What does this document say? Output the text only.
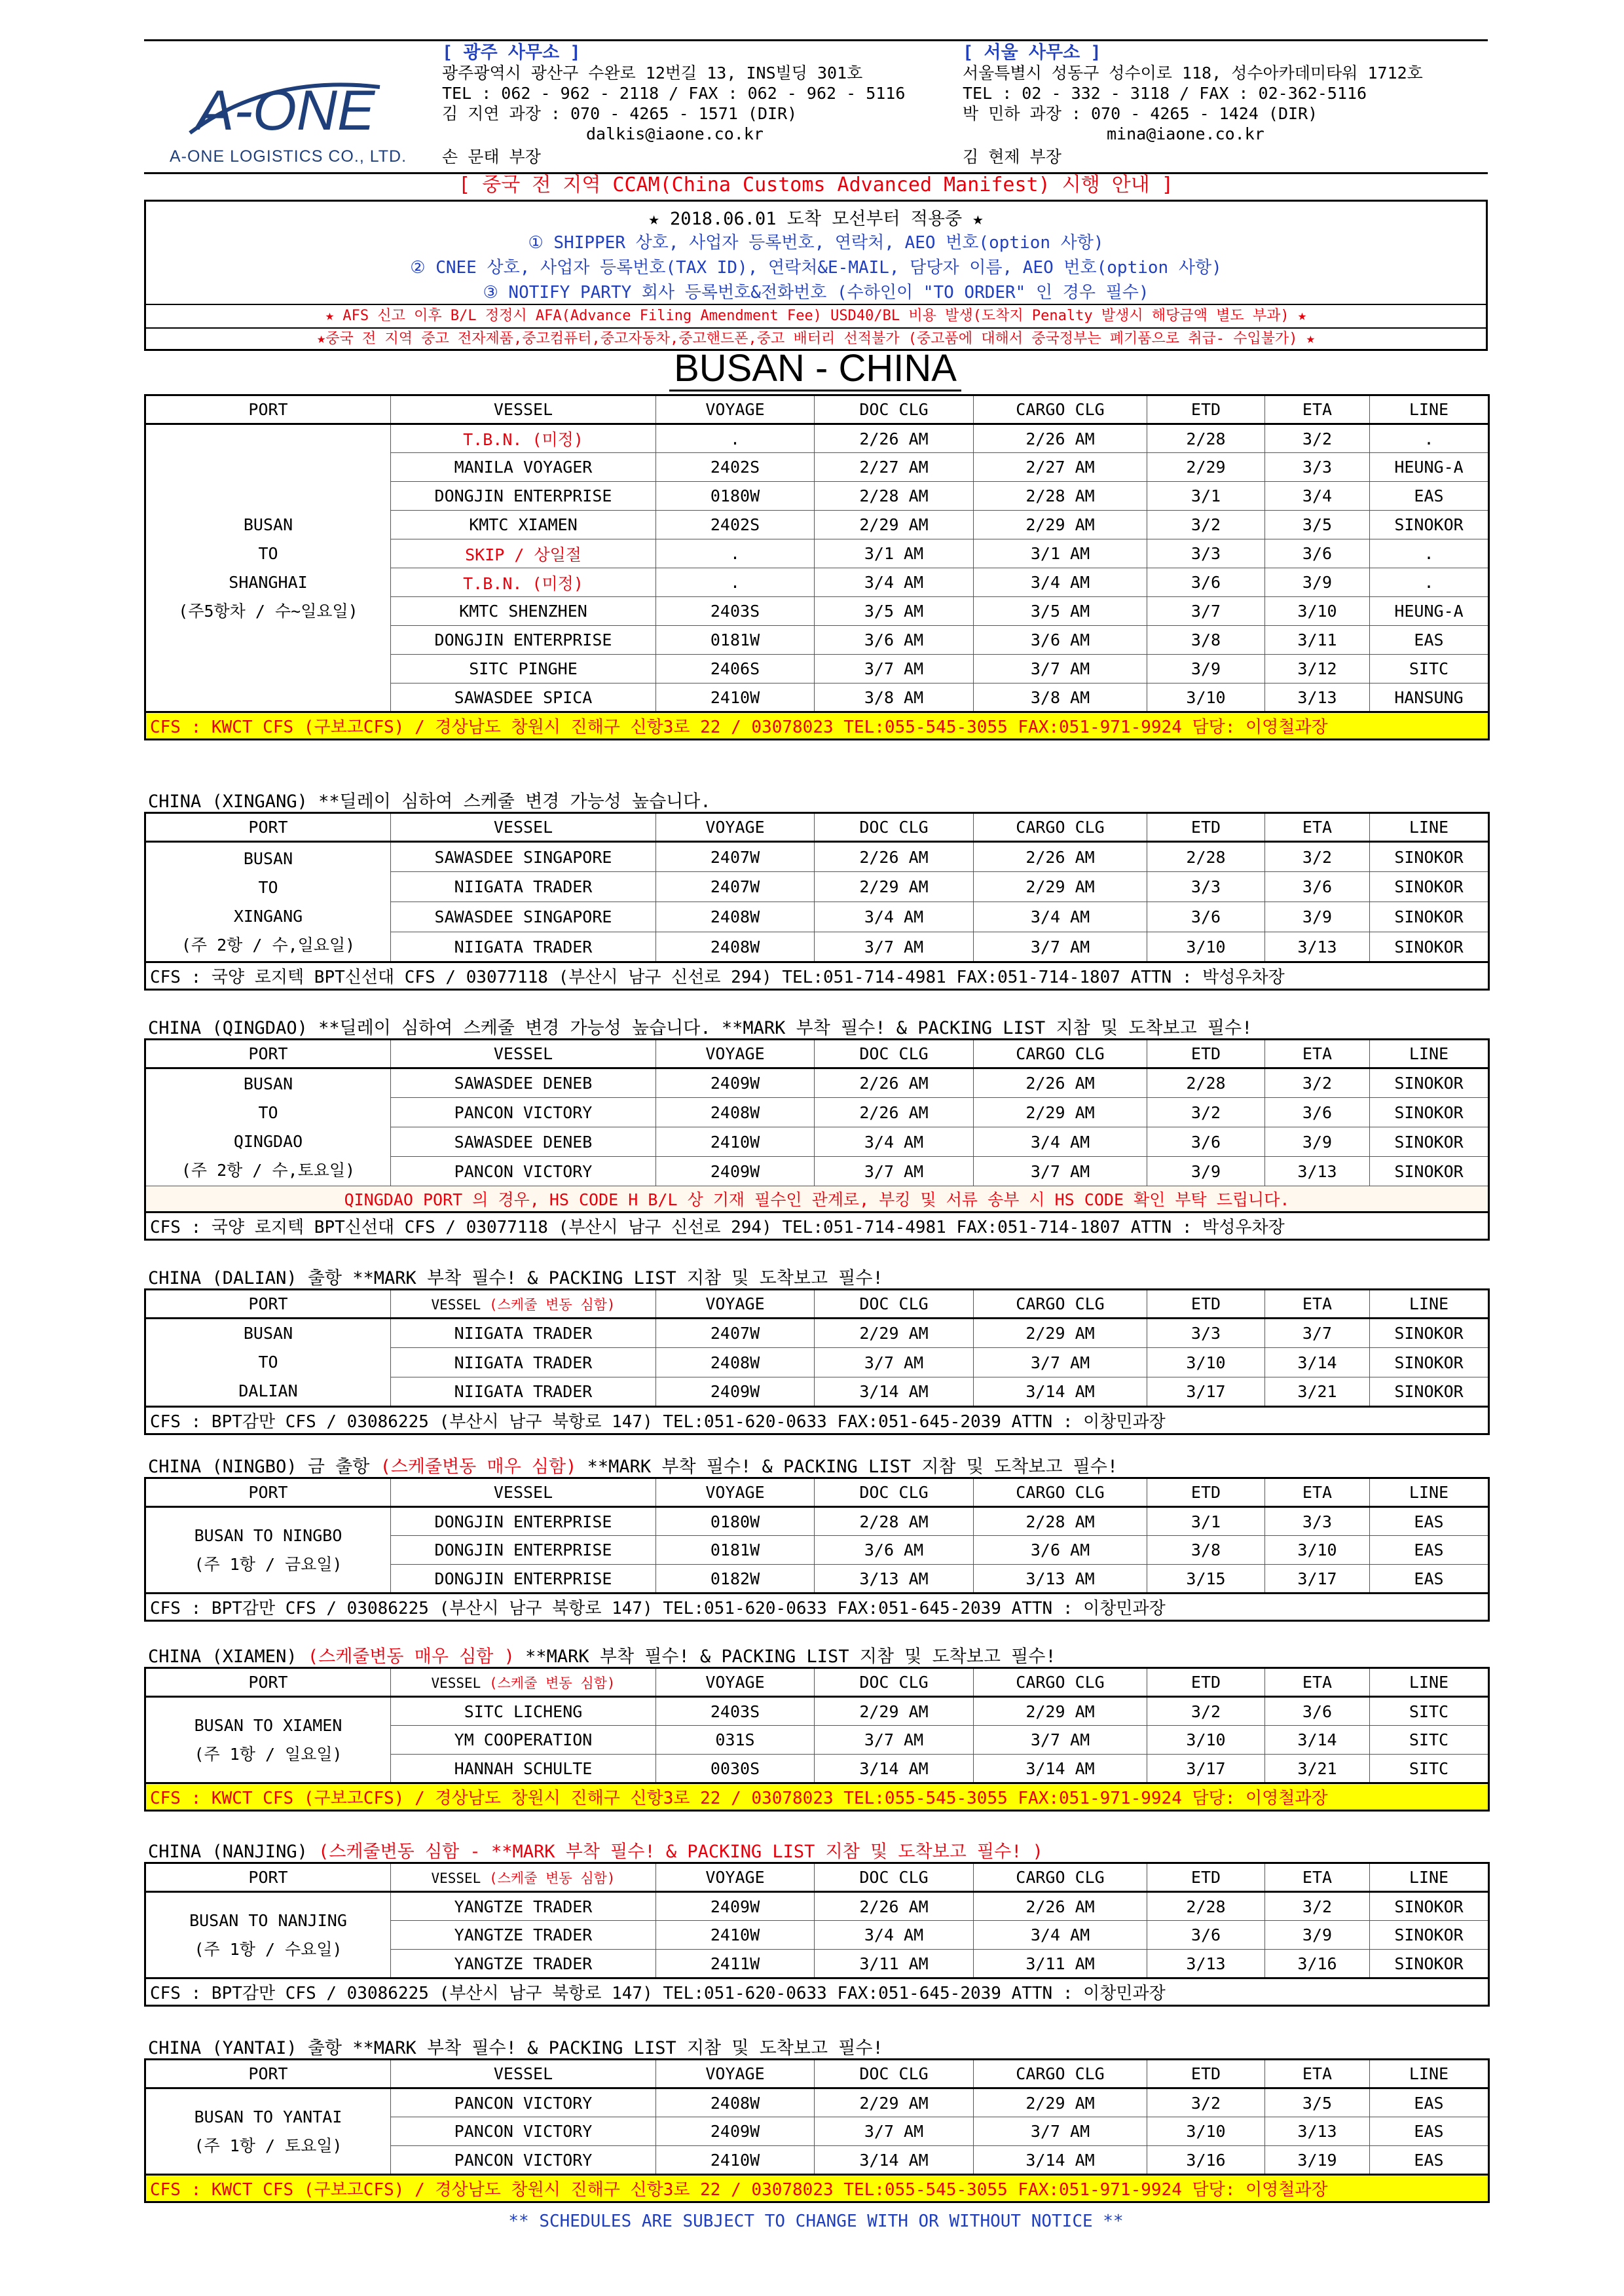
A-ONE
A-ONE LOGISTICS CO., LTD.
[ 광주 사무소 ]
광주광역시 광산구 수완로 12번길 13, INS빌딩 301호
TEL : 062 - 962 - 2118 / FAX : 062 - 962 - 5116
김 지연 과장 : 070 - 4265 - 1571 (DIR)
dalkis@iaone.co.kr
손 문태 부장
[ 서울 사무소 ]
서울특별시 성동구 성수이로 118, 성수아카데미타워 1712호
TEL : 02 - 332 - 3118 / FAX : 02-362-5116
박 민하 과장 : 070 - 4265 - 1424 (DIR)
mina@iaone.co.kr
김 현제 부장
[ 중국 전 지역 CCAM(China Customs Advanced Manifest) 시행 안내 ]
★ 2018.06.01 도착 모선부터 적용중 ★
① SHIPPER 상호, 사업자 등록번호, 연락처, AEO 번호(option 사항)
② CNEE 상호, 사업자 등록번호(TAX ID), 연락처&E-MAIL, 담당자 이름, AEO 번호(option 사항)
③ NOTIFY PARTY 회사 등록번호&전화번호 (수하인이 "TO ORDER" 인 경우 필수)
★ AFS 신고 이후 B/L 정정시 AFA(Advance Filing Amendment Fee) USD40/BL 비용 발생(도착지 Penalty 발생시 해당금액 별도 부과) ★
★중국 전 지역 중고 전자제품,중고컴퓨터,중고자동차,중고핸드폰,중고 배터리 선적불가 (중고품에 대해서 중국정부는 폐기품으로 취급- 수입불가) ★
BUSAN - CHINA
PORT	VESSEL	VOYAGE	DOC CLG	CARGO CLG	ETD	ETA	LINE

BUSAN
TO
SHANGHAI
(주5항차 / 수~일요일)	T.B.N. (미정)	.	2/26 AM	2/26 AM	2/28	3/2	.
	MANILA VOYAGER	2402S	2/27 AM	2/27 AM	2/29	3/3	HEUNG-A
	DONGJIN ENTERPRISE	0180W	2/28 AM	2/28 AM	3/1	3/4	EAS
	KMTC XIAMEN	2402S	2/29 AM	2/29 AM	3/2	3/5	SINOKOR
	SKIP / 상일절	.	3/1 AM	3/1 AM	3/3	3/6	.
	T.B.N. (미정)	.	3/4 AM	3/4 AM	3/6	3/9	.
	KMTC SHENZHEN	2403S	3/5 AM	3/5 AM	3/7	3/10	HEUNG-A
	DONGJIN ENTERPRISE	0181W	3/6 AM	3/6 AM	3/8	3/11	EAS
	SITC PINGHE	2406S	3/7 AM	3/7 AM	3/9	3/12	SITC
	SAWASDEE SPICA	2410W	3/8 AM	3/8 AM	3/10	3/13	HANSUNG
CFS : KWCT CFS (구보고CFS) / 경상남도 창원시 진해구 신항3로 22 / 03078023 TEL:055-545-3055 FAX:051-971-9924 담당: 이영철과장							
CHINA (XINGANG) **딜레이 심하여 스케줄 변경 가능성 높습니다.
PORT	VESSEL	VOYAGE	DOC CLG	CARGO CLG	ETD	ETA	LINE

BUSAN
TO
XINGANG
(주 2항 / 수,일요일)	SAWASDEE SINGAPORE	2407W	2/26 AM	2/26 AM	2/28	3/2	SINOKOR
	NIIGATA TRADER	2407W	2/29 AM	2/29 AM	3/3	3/6	SINOKOR
	SAWASDEE SINGAPORE	2408W	3/4 AM	3/4 AM	3/6	3/9	SINOKOR
	NIIGATA TRADER	2408W	3/7 AM	3/7 AM	3/10	3/13	SINOKOR
CFS : 국양 로지텍 BPT신선대 CFS / 03077118 (부산시 남구 신선로 294) TEL:051-714-4981 FAX:051-714-1807 ATTN : 박성우차장							
CHINA (QINGDAO) **딜레이 심하여 스케줄 변경 가능성 높습니다. **MARK 부착 필수! & PACKING LIST 지참 및 도착보고 필수!
PORT	VESSEL	VOYAGE	DOC CLG	CARGO CLG	ETD	ETA	LINE

BUSAN
TO
QINGDAO
(주 2항 / 수,토요일)	SAWASDEE DENEB	2409W	2/26 AM	2/26 AM	2/28	3/2	SINOKOR
	PANCON VICTORY	2408W	2/26 AM	2/29 AM	3/2	3/6	SINOKOR
	SAWASDEE DENEB	2410W	3/4 AM	3/4 AM	3/6	3/9	SINOKOR
	PANCON VICTORY	2409W	3/7 AM	3/7 AM	3/9	3/13	SINOKOR
QINGDAO PORT 의 경우, HS CODE H B/L 상 기재 필수인 관계로, 부킹 및 서류 송부 시 HS CODE 확인 부탁 드립니다.							
CFS : 국양 로지텍 BPT신선대 CFS / 03077118 (부산시 남구 신선로 294) TEL:051-714-4981 FAX:051-714-1807 ATTN : 박성우차장							
CHINA (DALIAN) 출항 **MARK 부착 필수! & PACKING LIST 지참 및 도착보고 필수!
PORT	VESSEL (스케줄 변동 심함)	VOYAGE	DOC CLG	CARGO CLG	ETD	ETA	LINE

BUSAN
TO
DALIAN	NIIGATA TRADER	2407W	2/29 AM	2/29 AM	3/3	3/7	SINOKOR
	NIIGATA TRADER	2408W	3/7 AM	3/7 AM	3/10	3/14	SINOKOR
	NIIGATA TRADER	2409W	3/14 AM	3/14 AM	3/17	3/21	SINOKOR
CFS : BPT감만 CFS / 03086225 (부산시 남구 북항로 147) TEL:051-620-0633 FAX:051-645-2039 ATTN : 이창민과장							
CHINA (NINGBO) 금 출항 (스케줄변동 매우 심함) **MARK 부착 필수! & PACKING LIST 지참 및 도착보고 필수!
PORT	VESSEL	VOYAGE	DOC CLG	CARGO CLG	ETD	ETA	LINE

BUSAN TO NINGBO
(주 1항 / 금요일)	DONGJIN ENTERPRISE	0180W	2/28 AM	2/28 AM	3/1	3/3	EAS
	DONGJIN ENTERPRISE	0181W	3/6 AM	3/6 AM	3/8	3/10	EAS
	DONGJIN ENTERPRISE	0182W	3/13 AM	3/13 AM	3/15	3/17	EAS
CFS : BPT감만 CFS / 03086225 (부산시 남구 북항로 147) TEL:051-620-0633 FAX:051-645-2039 ATTN : 이창민과장							
CHINA (XIAMEN) (스케줄변동 매우 심함 ) **MARK 부착 필수! & PACKING LIST 지참 및 도착보고 필수!
PORT	VESSEL (스케줄 변동 심함)	VOYAGE	DOC CLG	CARGO CLG	ETD	ETA	LINE

BUSAN TO XIAMEN
(주 1항 / 일요일)	SITC LICHENG	2403S	2/29 AM	2/29 AM	3/2	3/6	SITC
	YM COOPERATION	031S	3/7 AM	3/7 AM	3/10	3/14	SITC
	HANNAH SCHULTE	0030S	3/14 AM	3/14 AM	3/17	3/21	SITC
CFS : KWCT CFS (구보고CFS) / 경상남도 창원시 진해구 신항3로 22 / 03078023 TEL:055-545-3055 FAX:051-971-9924 담당: 이영철과장							
CHINA (NANJING) (스케줄변동 심함 - **MARK 부착 필수! & PACKING LIST 지참 및 도착보고 필수! )
PORT	VESSEL (스케줄 변동 심함)	VOYAGE	DOC CLG	CARGO CLG	ETD	ETA	LINE

BUSAN TO NANJING
(주 1항 / 수요일)	YANGTZE TRADER	2409W	2/26 AM	2/26 AM	2/28	3/2	SINOKOR
	YANGTZE TRADER	2410W	3/4 AM	3/4 AM	3/6	3/9	SINOKOR
	YANGTZE TRADER	2411W	3/11 AM	3/11 AM	3/13	3/16	SINOKOR
CFS : BPT감만 CFS / 03086225 (부산시 남구 북항로 147) TEL:051-620-0633 FAX:051-645-2039 ATTN : 이창민과장							
CHINA (YANTAI) 출항 **MARK 부착 필수! & PACKING LIST 지참 및 도착보고 필수!
PORT	VESSEL	VOYAGE	DOC CLG	CARGO CLG	ETD	ETA	LINE

BUSAN TO YANTAI
(주 1항 / 토요일)	PANCON VICTORY	2408W	2/29 AM	2/29 AM	3/2	3/5	EAS
	PANCON VICTORY	2409W	3/7 AM	3/7 AM	3/10	3/13	EAS
	PANCON VICTORY	2410W	3/14 AM	3/14 AM	3/16	3/19	EAS
CFS : KWCT CFS (구보고CFS) / 경상남도 창원시 진해구 신항3로 22 / 03078023 TEL:055-545-3055 FAX:051-971-9924 담당: 이영철과장							
** SCHEDULES ARE SUBJECT TO CHANGE WITH OR WITHOUT NOTICE **
